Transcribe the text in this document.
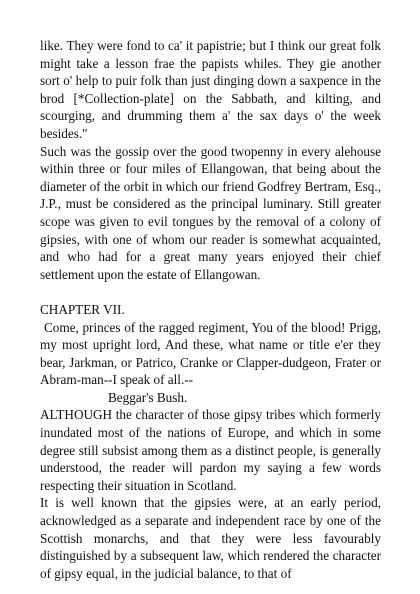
like. They were fond to ca' it papistrie; but I think our great folk might take a lesson frae the papists whiles. They gie another sort o' help to puir folk than just dinging down a saxpence in the brod [*Collection-plate] on the Sabbath, and kilting, and scourging, and drumming them a' the sax days o' the week besides."

Such was the gossip over the good twopenny in every alehouse within three or four miles of Ellangowan, that being about the diameter of the orbit in which our friend Godfrey Bertram, Esq., J.P., must be considered as the principal luminary. Still greater scope was given to evil tongues by the removal of a colony of gipsies, with one of whom our reader is somewhat acquainted, and who had for a great many years enjoyed their chief settlement upon the estate of Ellangowan.

CHAPTER VII.

Come, princes of the ragged regiment, You of the blood! Prigg, my most upright lord, And these, what name or title e'er they bear, Jarkman, or Patrico, Cranke or Clapper-dudgeon, Frater or Abram-man--I speak of all.--

Beggar's Bush.

ALTHOUGH the character of those gipsy tribes which formerly inundated most of the nations of Europe, and which in some degree still subsist among them as a distinct people, is generally understood, the reader will pardon my saying a few words respecting their situation in Scotland.

It is well known that the gipsies were, at an early period, acknowledged as a separate and independent race by one of the Scottish monarchs, and that they were less favourably distinguished by a subsequent law, which rendered the character of gipsy equal, in the judicial balance, to that of
